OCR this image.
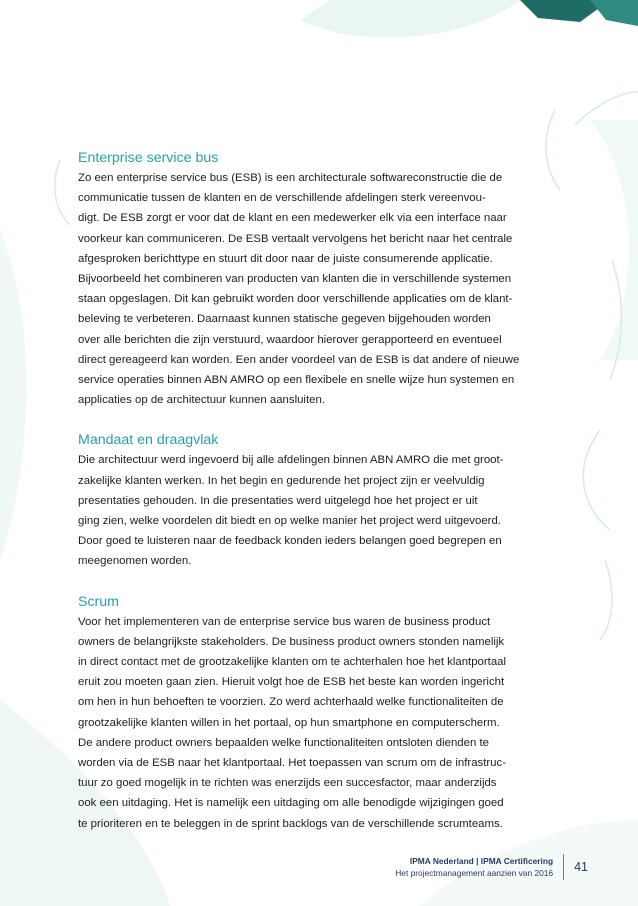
Enterprise service bus

Zo een enterprise service bus (ESB) is een architecturale softwareconstructie die de
communicatie tussen de klanten en de verschillende afdelingen sterk vereenvou-
digt. De ESB zorgt er voor dat de klant en een medewerker elk via een interface naar
voorkeur kan communiceren. De ESB vertaalt vervolgens het bericht naar het centrale
afgesproken berichttype en stuurt dit door naar de juiste consumerende applicatie.
Bijvoorbeeld het combineren van producten van klanten die in verschillende systemen
staan opgeslagen. Dit kan gebruikt worden door verschillende applicaties om de klant-
beleving te verbeteren. Daarnaast kunnen statische gegeven bijgehouden worden
over alle berichten die zijn verstuurd, waardoor hierover gerapporteerd en eventueel
direct gereageerd kan worden. Een ander voordeel van de ESB is dat andere of nieuwe
service operaties binnen ABN AMRO op een flexibele en snelle wijze hun systemen en
applicaties op de architectuur kunnen aansluiten.

Mandaat en draagvlak

Die architectuur werd ingevoerd bij alle afdelingen binnen ABN AMRO die met groot-
zakelijke klanten werken. In het begin en gedurende het project zijn er veelvuldig
presentaties gehouden. In die presentaties werd uitgelegd hoe het project er uit
ging zien, welke voordelen dit biedt en op welke manier het project werd uitgevoerd.
Door goed te luisteren naar de feedback konden ieders belangen goed begrepen en
meegenomen worden.

Scrum

Voor het implementeren van de enterprise service bus waren de business product
owners de belangrijkste stakeholders. De business product owners stonden namelijk
in direct contact met de grootzakelijke klanten om te achterhalen hoe het klantportaal
eruit zou moeten gaan zien. Hieruit volgt hoe de ESB het beste kan worden ingericht
om hen in hun behoeften te voorzien. Zo werd achterhaald welke functionaliteiten de
grootzakelijke klanten willen in het portaal, op hun smartphone en computerscherm.
De andere product owners bepaalden welke functionaliteiten ontsloten dienden te
worden via de ESB naar het klantportaal. Het toepassen van scrum om de infrastruc-
tuur zo goed mogelijk in te richten was enerzijds een succesfactor, maar anderzijds
ook een uitdaging. Het is namelijk een uitdaging om alle benodigde wijzigingen goed
te prioriteren en te beleggen in de sprint backlogs van de verschillende scrumteams.

IPMA Nederland | IPMA Certificering
Het projectmanagement aanzien van 2016 41
